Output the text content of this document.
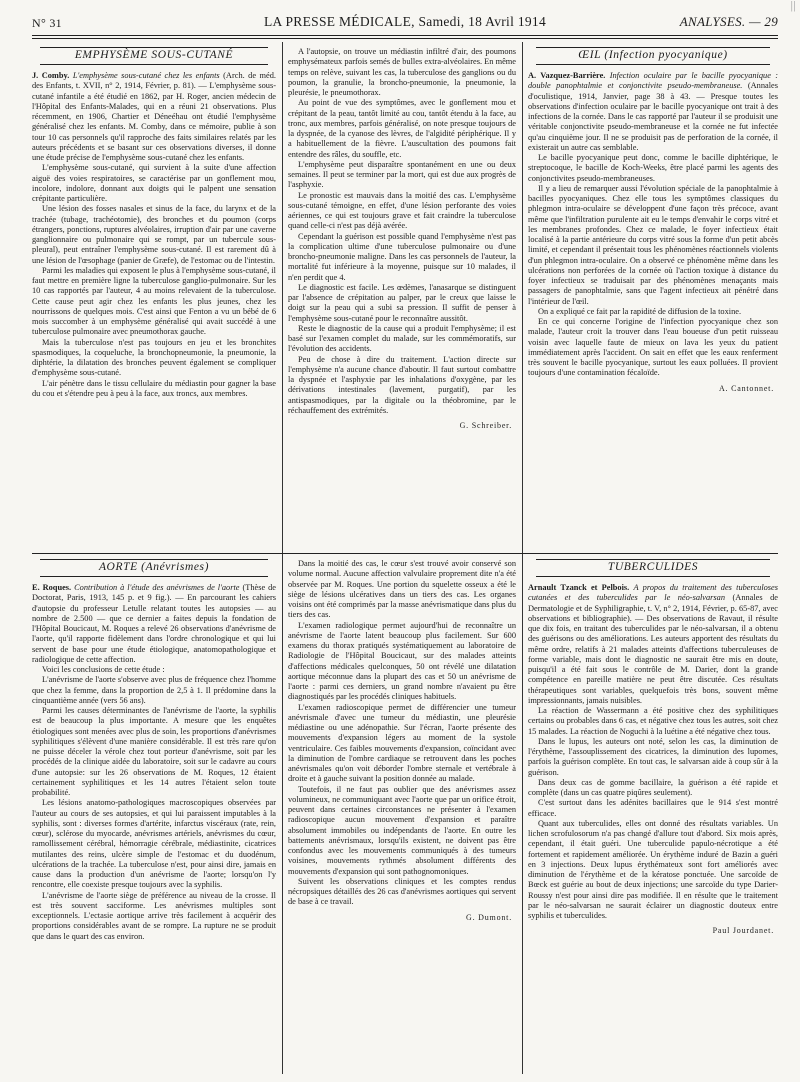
N° 31	LA PRESSE MÉDICALE, Samedi, 18 Avril 1914	ANALYSES. — 29
||
EMPHYSÈME SOUS-CUTANÉ

J. Comby. L'emphysème sous-cutané chez les enfants (Arch. de méd. des Enfants, t. XVII, n° 2, 1914, Février, p. 81). — L'emphysème sous-cutané infantile a été étudié en 1862, par H. Roger, ancien médecin de l'Hôpital des Enfants-Malades, qui en a réuni 21 observations. Plus récemment, en 1906, Chartier et Déneéhau ont étudié l'emphysème généralisé chez les enfants. M. Comby, dans ce mémoire, publie à son tour 10 cas personnels qu'il rapproche des faits similaires relatés par les auteurs précédents et se basant sur ces observations diverses, il donne une étude précise de l'emphysème sous-cutané chez les enfants.

L'emphysème sous-cutané, qui survient à la suite d'une affection aiguë des voies respiratoires, se caractérise par un gonflement mou, incolore, indolore, donnant aux doigts qui le palpent une sensation crépitante particulière.

Une lésion des fosses nasales et sinus de la face, du larynx et de la trachée (tubage, trachéotomie), des bronches et du poumon (corps étrangers, ponctions, ruptures alvéolaires, irruption d'air par une caverne ganglionnaire ou pulmonaire qui se rompt, par un tubercule sous-pleural), peut entraîner l'emphysème sous-cutané. Il est rarement dû à une lésion de l'œsophage (panier de Græfe), de l'estomac ou de l'intestin.

Parmi les maladies qui exposent le plus à l'emphysème sous-cutané, il faut mettre en première ligne la tuberculose ganglio-pulmonaire. Sur les 10 cas rapportés par l'auteur, 4 au moins relevaient de la tuberculose. Cette cause peut agir chez les enfants les plus jeunes, chez les nourrissons de quelques mois. C'est ainsi que Fenton a vu un bébé de 6 mois succomber à un emphysème généralisé qui avait succédé à une tuberculose pulmonaire avec pneumothorax gauche.

Mais la tuberculose n'est pas toujours en jeu et les bronchites spasmodiques, la coqueluche, la bronchopneumonie, la pneumonie, la diphtérie, la dilatation des bronches peuvent également se compliquer d'emphysème sous-cutané.

L'air pénètre dans le tissu cellulaire du médiastin pour gagner la base du cou et s'étendre peu à peu à la face, aux troncs, aux membres.

A l'autopsie, on trouve un médiastin infiltré d'air, des poumons emphysémateux parfois semés de bulles extra-alvéolaires. En même temps on relève, suivant les cas, la tuberculose des ganglions ou du poumon, la granulie, la broncho-pneumonie, la pneumonie, la pleurésie, le pneumothorax.

Au point de vue des symptômes, avec le gonflement mou et crépitant de la peau, tantôt limité au cou, tantôt étendu à la face, au tronc, aux membres, parfois généralisé, on note presque toujours de la dyspnée, de la cyanose des lèvres, de l'algidité périphérique. Il y a habituellement de la fièvre. L'auscultation des poumons fait entendre des râles, du souffle, etc.

L'emphysème peut disparaître spontanément en une ou deux semaines. Il peut se terminer par la mort, qui est due aux progrès de l'asphyxie.

Le pronostic est mauvais dans la moitié des cas. L'emphysème sous-cutané témoigne, en effet, d'une lésion perforante des voies aériennes, ce qui est toujours grave et fait craindre la tuberculose quand celle-ci n'est pas déjà avérée.

Cependant la guérison est possible quand l'emphysème n'est pas la complication ultime d'une tuberculose pulmonaire ou d'une broncho-pneumonie maligne. Dans les cas personnels de l'auteur, la mortalité fut inférieure à la moyenne, puisque sur 10 malades, il n'en perdit que 4.

Le diagnostic est facile. Les œdèmes, l'anasarque se distinguent par l'absence de crépitation au palper, par le creux que laisse le doigt sur la peau qui a subi sa pression. Il suffit de penser à l'emphysème sous-cutané pour le reconnaître aussitôt.

Reste le diagnostic de la cause qui a produit l'emphysème; il est basé sur l'examen complet du malade, sur les commémoratifs, sur l'évolution des accidents.

Peu de chose à dire du traitement. L'action directe sur l'emphysème n'a aucune chance d'aboutir. Il faut surtout combattre la dyspnée et l'asphyxie par les inhalations d'oxygène, par les dérivations intestinales (lavement, purgatif), par les antispasmodiques, par la digitale ou la théobromine, par le réchauffement des extrémités.

G. Schreiber.
ŒIL (Infection pyocyanique)

A. Vazquez-Barrière. Infection oculaire par le bacille pyocyanique : double panophtalmie et conjonctivite pseudo-membraneuse. (Annales d'oculistique, 1914, Janvier, page 38 à 43. — Presque toutes les observations d'infection oculaire par le bacille pyocyanique ont trait à des infections de la cornée. Dans le cas rapporté par l'auteur il se produisit une véritable conjonctivite pseudo-membraneuse et la cornée ne fut infectée qu'au cinquième jour. Il ne se produisit pas de perforation de la cornée, il existerait un autre cas semblable.

Le bacille pyocyanique peut donc, comme le bacille diphtérique, le streptocoque, le bacille de Koch-Weeks, être placé parmi les agents des conjonctivites pseudo-membraneuses.

Il y a lieu de remarquer aussi l'évolution spéciale de la panophtalmie à bacilles pyocyaniques. Chez elle tous les symptômes classiques du phlegmon intra-oculaire se développent d'une façon très précoce, avant même que l'infiltration purulente ait eu le temps d'envahir le corps vitré et les membranes profondes. Chez ce malade, le foyer infectieux était localisé à la partie antérieure du corps vitré sous la forme d'un petit abcès limité, et cependant il présentait tous les phénomènes réactionnels violents d'un phlegmon intra-oculaire. On a observé ce phénomène même dans les ulcérations non perforées de la cornée où l'action toxique à distance du foyer infectieux se traduisait par des phénomènes menaçants mais passagers de panophtalmie, sans que l'agent infectieux ait pénétré dans l'intérieur de l'œil.

On a expliqué ce fait par la rapidité de diffusion de la toxine.

En ce qui concerne l'origine de l'infection pyocyanique chez son malade, l'auteur croit la trouver dans l'eau boueuse d'un petit ruisseau voisin avec laquelle faute de mieux on lava les yeux du patient immédiatement après l'accident. On sait en effet que les eaux renferment très souvent le bacille pyocyanique, surtout les eaux polluées. Il provient toujours d'une contamination fécaloïde.

A. Cantonnet.
AORTE (Anévrismes)

E. Roques. Contribution à l'étude des anévrismes de l'aorte (Thèse de Doctorat, Paris, 1913, 145 p. et 9 fig.). — En parcourant les cahiers d'autopsie du professeur Letulle relatant toutes les autopsies — au nombre de 2.500 — que ce dernier a faites depuis la fondation de l'Hôpital Boucicaut, M. Roques a relevé 26 observations d'anévrisme de l'aorte, qu'il rapporte fidèlement dans l'ordre chronologique et qui lui servent de base pour une étude étiologique, anatomopathologique et radiologique de cette affection.

Voici les conclusions de cette étude :

L'anévrisme de l'aorte s'observe avec plus de fréquence chez l'homme que chez la femme, dans la proportion de 2,5 à 1. Il prédomine dans la cinquantième année (vers 56 ans).

Parmi les causes déterminantes de l'anévrisme de l'aorte, la syphilis est de beaucoup la plus importante. A mesure que les enquêtes étiologiques sont menées avec plus de soin, les proportions d'anévrismes syphilitiques s'élèvent d'une manière considérable. Il est très rare qu'on ne puisse déceler la vérole chez tout porteur d'anévrisme, soit par les procédés de la clinique aidée du laboratoire, soit sur le cadavre au cours d'une autopsie: sur les 26 observations de M. Roques, 12 étaient certainement syphilitiques et les 14 autres l'étaient selon toute probabilité.

Les lésions anatomo-pathologiques macroscopiques observées par l'auteur au cours de ses autopsies, et qui lui paraissent imputables à la syphilis, sont : diverses formes d'artérite, infarctus viscéraux (rate, rein, cœur), sclérose du myocarde, anévrismes artériels, anévrismes du cœur, ramollissement cérébral, hémorragie cérébrale, médiastinite, cicatrices mutilantes des reins, ulcère simple de l'estomac et du duodénum, ulcérations de la trachée. La tuberculose n'est, pour ainsi dire, jamais en cause dans la production d'un anévrisme de l'aorte; lorsqu'on l'y rencontre, elle coexiste presque toujours avec la syphilis.

L'anévrisme de l'aorte siège de préférence au niveau de la crosse. Il est très souvent sacciforme. Les anévrismes multiples sont exceptionnels. L'ectasie aortique arrive très facilement à acquérir des proportions considérables avant de se rompre. La rupture ne se produit que dans le quart des cas environ.

Dans la moitié des cas, le cœur s'est trouvé avoir conservé son volume normal. Aucune affection valvulaire proprement dite n'a été observée par M. Roques. Une portion du squelette osseux a été le siège de lésions ulcératives dans un tiers des cas. Les organes voisins ont été comprimés par la masse anévrismatique dans plus du tiers des cas.

L'examen radiologique permet aujourd'hui de reconnaître un anévrisme de l'aorte latent beaucoup plus facilement. Sur 600 examens du thorax pratiqués systématiquement au laboratoire de Radiologie de l'Hôpital Boucicaut, sur des malades atteints d'affections médicales quelconques, 50 ont révélé une dilatation aortique méconnue dans la plupart des cas et 50 un anévrisme de l'aorte : parmi ces derniers, un grand nombre n'avaient pu être diagnostiqués par les procédés cliniques habituels.

L'examen radioscopique permet de différencier une tumeur anévrismale d'avec une tumeur du médiastin, une pleurésie médiastine ou une adénopathie. Sur l'écran, l'aorte présente des mouvements d'expansion légers au moment de la systole ventriculaire. Ces faibles mouvements d'expansion, coïncidant avec la diminution de l'ombre cardiaque se retrouvent dans les poches anévrismales qu'on voit déborder l'ombre sternale et vertébrale à droite et à gauche suivant la position donnée au malade.

Toutefois, il ne faut pas oublier que des anévrismes assez volumineux, ne communiquant avec l'aorte que par un orifice étroit, peuvent dans certaines circonstances ne présenter à l'examen radioscopique aucun mouvement d'expansion et paraître absolument immobiles ou indépendants de l'aorte. En outre les battements anévrismaux, lorsqu'ils existent, ne doivent pas être confondus avec les mouvements communiqués à des tumeurs voisines, mouvements rythmés absolument différents des mouvements d'expansion qui sont pathognomoniques.

Suivent les observations cliniques et les comptes rendus nécropsiques détaillés des 26 cas d'anévrismes aortiques qui servent de base à ce travail.

G. Dumont.
TUBERCULIDES

Arnault Tzanck et Pelbois. A propos du traitement des tuberculoses cutanées et des tuberculides par le néo-salvarsan (Annales de Dermatologie et de Syphiligraphie, t. V, n° 2, 1914, Février, p. 65-87, avec observations et bibliographie). — Des observations de Ravaut, il résulte que dix fois, en traitant des tuberculides par le néo-salvarsan, il a obtenu des guérisons ou des améliorations. Les auteurs apportent des résultats du même ordre, relatifs à 21 malades atteints d'affections tuberculeuses de forme variable, mais dont le diagnostic ne saurait être mis en doute, puisqu'il a été fait sous le contrôle de M. Darier, dont la grande compétence en pareille matière ne peut être discutée. Ces résultats thérapeutiques sont variables, quelquefois très bons, souvent même impressionnants, jamais nuisibles.

La réaction de Wassermann a été positive chez des syphilitiques certains ou probables dans 6 cas, et négative chez tous les autres, soit chez 15 malades. La réaction de Noguchi à la luétine a été négative chez tous.

Dans le lupus, les auteurs ont noté, selon les cas, la diminution de l'érythème, l'assouplissement des cicatrices, la diminution des lupomes, parfois la guérison complète. En tout cas, le salvarsan aide à coup sûr à la guérison.

Dans deux cas de gomme bacillaire, la guérison a été rapide et complète (dans un cas quatre piqûres seulement).

C'est surtout dans les adénites bacillaires que le 914 s'est montré efficace.

Quant aux tuberculides, elles ont donné des résultats variables. Un lichen scrofulosorum n'a pas changé d'allure tout d'abord. Six mois après, cependant, il était guéri. Une tuberculide papulo-nécrotique a été fortement et rapidement améliorée. Un érythème induré de Bazin a guéri en 3 injections. Deux lupus érythémateux sont fort améliorés avec diminution de l'érythème et de la kératose ponctuée. Une sarcoïde de Bœck est guérie au bout de deux injections; une sarcoïde du type Darier-Roussy n'est pour ainsi dire pas modifiée. Il en résulte que le traitement par le néo-salvarsan ne saurait éclairer un diagnostic douteux entre syphilis et tuberculides.

Paul Jourdanet.
